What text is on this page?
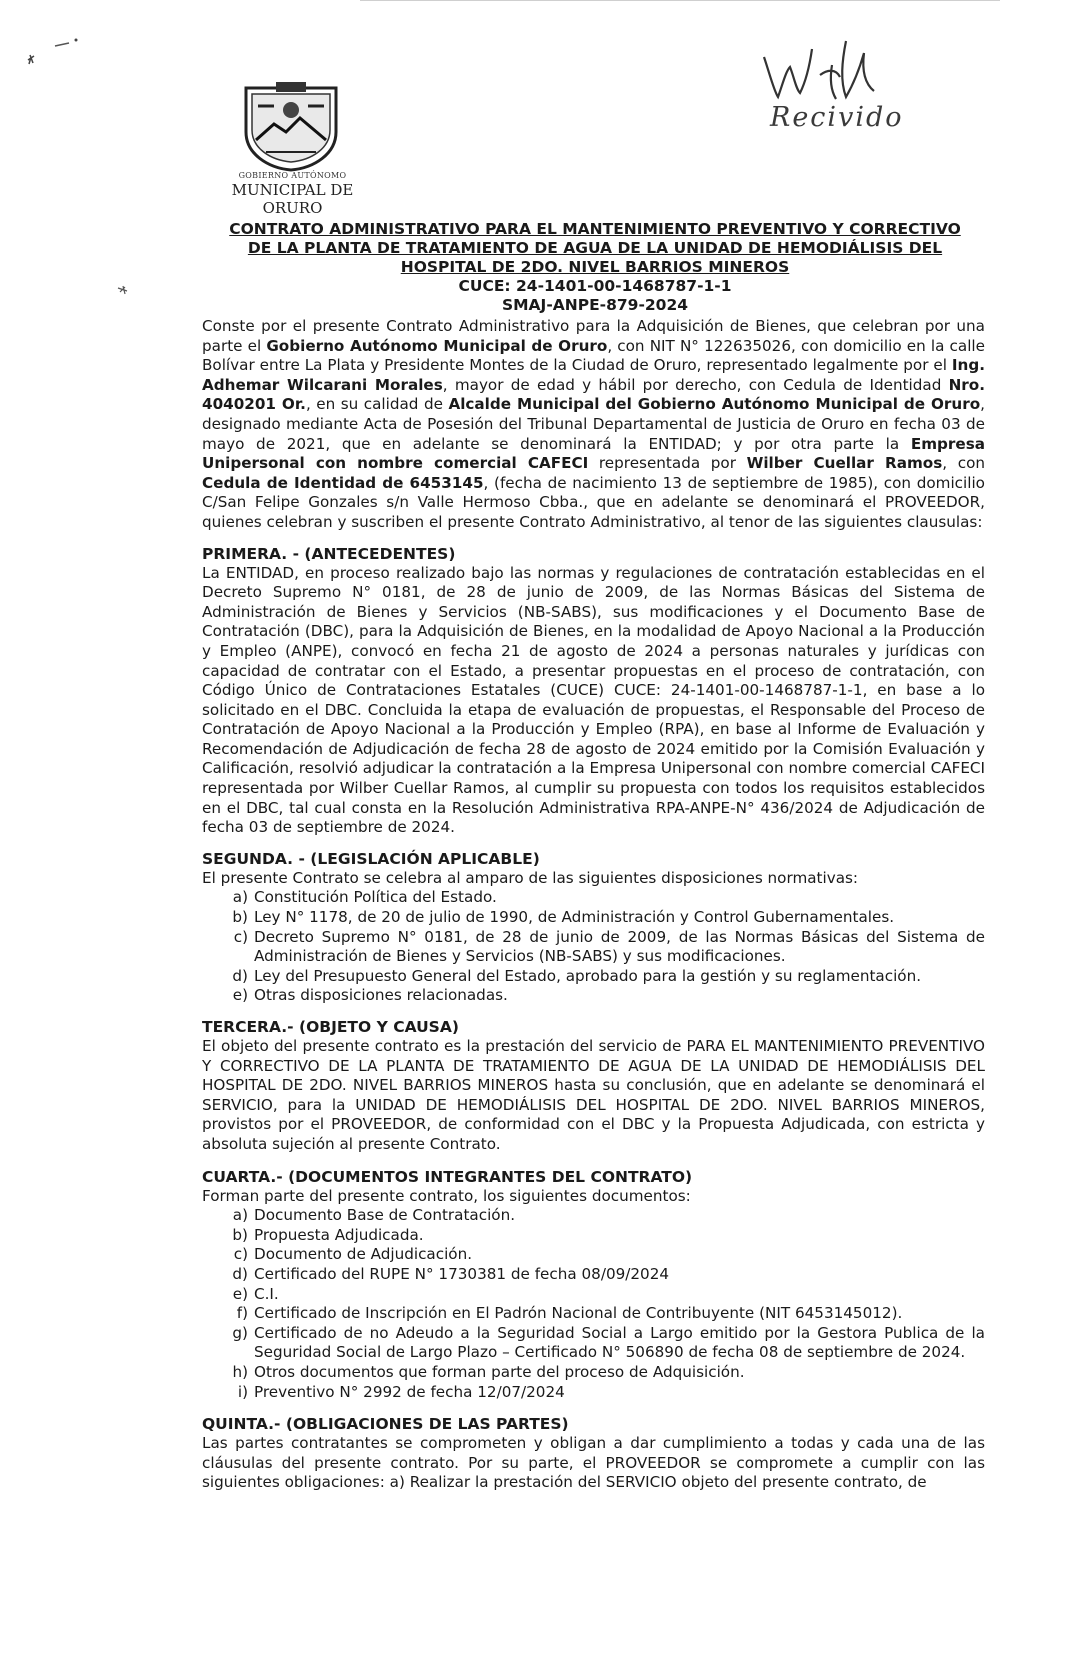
GOBIERNO AUTÓNOMO
MUNICIPAL DE ORURO
Recivido
CONTRATO ADMINISTRATIVO PARA EL MANTENIMIENTO PREVENTIVO Y CORRECTIVO
DE LA PLANTA DE TRATAMIENTO DE AGUA DE LA UNIDAD DE HEMODIÁLISIS DEL
HOSPITAL DE 2DO. NIVEL BARRIOS MINEROS
CUCE: 24-1401-00-1468787-1-1
SMAJ-ANPE-879-2024

Conste por el presente Contrato Administrativo para la Adquisición de Bienes, que celebran por una parte el Gobierno Autónomo Municipal de Oruro, con NIT N° 122635026, con domicilio en la calle Bolívar entre La Plata y Presidente Montes de la Ciudad de Oruro, representado legalmente por el Ing. Adhemar Wilcarani Morales, mayor de edad y hábil por derecho, con Cedula de Identidad Nro. 4040201 Or., en su calidad de Alcalde Municipal del Gobierno Autónomo Municipal de Oruro, designado mediante Acta de Posesión del Tribunal Departamental de Justicia de Oruro en fecha 03 de mayo de 2021, que en adelante se denominará la ENTIDAD; y por otra parte la Empresa Unipersonal con nombre comercial CAFECI representada por Wilber Cuellar Ramos, con Cedula de Identidad de 6453145, (fecha de nacimiento 13 de septiembre de 1985), con domicilio C/San Felipe Gonzales s/n Valle Hermoso Cbba., que en adelante se denominará el PROVEEDOR, quienes celebran y suscriben el presente Contrato Administrativo, al tenor de las siguientes clausulas:

PRIMERA. - (ANTECEDENTES)

La ENTIDAD, en proceso realizado bajo las normas y regulaciones de contratación establecidas en el Decreto Supremo N° 0181, de 28 de junio de 2009, de las Normas Básicas del Sistema de Administración de Bienes y Servicios (NB-SABS), sus modificaciones y el Documento Base de Contratación (DBC), para la Adquisición de Bienes, en la modalidad de Apoyo Nacional a la Producción y Empleo (ANPE), convocó en fecha 21 de agosto de 2024 a personas naturales y jurídicas con capacidad de contratar con el Estado, a presentar propuestas en el proceso de contratación, con Código Único de Contrataciones Estatales (CUCE) CUCE: 24-1401-00-1468787-1-1, en base a lo solicitado en el DBC. Concluida la etapa de evaluación de propuestas, el Responsable del Proceso de Contratación de Apoyo Nacional a la Producción y Empleo (RPA), en base al Informe de Evaluación y Recomendación de Adjudicación de fecha 28 de agosto de 2024 emitido por la Comisión Evaluación y Calificación, resolvió adjudicar la contratación a la Empresa Unipersonal con nombre comercial CAFECI representada por Wilber Cuellar Ramos, al cumplir su propuesta con todos los requisitos establecidos en el DBC, tal cual consta en la Resolución Administrativa RPA-ANPE-N° 436/2024 de Adjudicación de fecha 03 de septiembre de 2024.

SEGUNDA. - (LEGISLACIÓN APLICABLE)

El presente Contrato se celebra al amparo de las siguientes disposiciones normativas:

a) Constitución Política del Estado.
b) Ley N° 1178, de 20 de julio de 1990, de Administración y Control Gubernamentales.
c) Decreto Supremo N° 0181, de 28 de junio de 2009, de las Normas Básicas del Sistema de Administración de Bienes y Servicios (NB-SABS) y sus modificaciones.
d) Ley del Presupuesto General del Estado, aprobado para la gestión y su reglamentación.
e) Otras disposiciones relacionadas.
TERCERA.- (OBJETO Y CAUSA)

El objeto del presente contrato es la prestación del servicio de PARA EL MANTENIMIENTO PREVENTIVO Y CORRECTIVO DE LA PLANTA DE TRATAMIENTO DE AGUA DE LA UNIDAD DE HEMODIÁLISIS DEL HOSPITAL DE 2DO. NIVEL BARRIOS MINEROS hasta su conclusión, que en adelante se denominará el SERVICIO, para la UNIDAD DE HEMODIÁLISIS DEL HOSPITAL DE 2DO. NIVEL BARRIOS MINEROS, provistos por el PROVEEDOR, de conformidad con el DBC y la Propuesta Adjudicada, con estricta y absoluta sujeción al presente Contrato.

CUARTA.- (DOCUMENTOS INTEGRANTES DEL CONTRATO)

Forman parte del presente contrato, los siguientes documentos:

a) Documento Base de Contratación.
b) Propuesta Adjudicada.
c) Documento de Adjudicación.
d) Certificado del RUPE N° 1730381 de fecha 08/09/2024
e) C.I.
f) Certificado de Inscripción en El Padrón Nacional de Contribuyente (NIT 6453145012).
g) Certificado de no Adeudo a la Seguridad Social a Largo emitido por la Gestora Publica de la Seguridad Social de Largo Plazo – Certificado N° 506890 de fecha 08 de septiembre de 2024.
h) Otros documentos que forman parte del proceso de Adquisición.
i) Preventivo N° 2992 de fecha 12/07/2024
QUINTA.- (OBLIGACIONES DE LAS PARTES)

Las partes contratantes se comprometen y obligan a dar cumplimiento a todas y cada una de las cláusulas del presente contrato. Por su parte, el PROVEEDOR se compromete a cumplir con las siguientes obligaciones: a) Realizar la prestación del SERVICIO objeto del presente contrato, de
